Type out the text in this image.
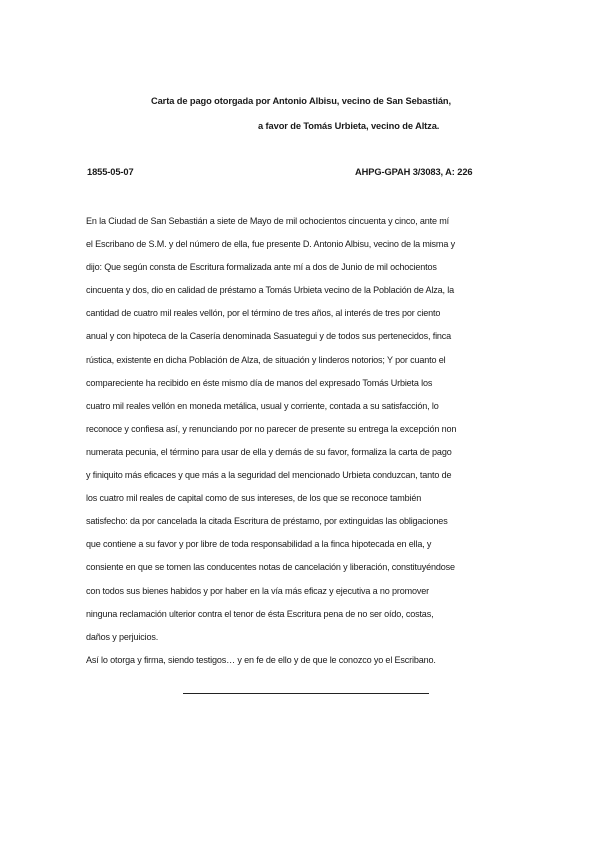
Carta de pago otorgada por Antonio Albisu, vecino de San Sebastián,
a favor de Tomás Urbieta, vecino de Altza.
1855-05-07	AHPG-GPAH 3/3083, A: 226
En la Ciudad de San Sebastián a siete de Mayo de mil ochocientos cincuenta y cinco, ante mí
el Escribano de S.M. y del número de ella, fue presente D. Antonio Albisu, vecino de la misma y
dijo: Que según consta de Escritura formalizada ante mí a dos de Junio de mil ochocientos
cincuenta y dos, dio en calidad de préstamo a Tomás Urbieta vecino de la Población de Alza, la
cantidad de cuatro mil reales vellón, por el término de tres años, al interés de tres por ciento
anual y con hipoteca de la Casería denominada Sasuategui y de todos sus pertenecidos, finca
rústica, existente en dicha Población de Alza, de situación y linderos notorios; Y por cuanto el
compareciente ha recibido en éste mismo día de manos del expresado Tomás Urbieta los
cuatro mil reales vellón en moneda metálica, usual y corriente, contada a su satisfacción, lo
reconoce y confiesa así, y renunciando por no parecer de presente su entrega la excepción non
numerata pecunia, el término para usar de ella y demás de su favor, formaliza la carta de pago
y finiquito más eficaces y que más a la seguridad del mencionado Urbieta conduzcan, tanto de
los cuatro mil reales de capital como de sus intereses, de los que se reconoce también
satisfecho: da por cancelada la citada Escritura de préstamo, por extinguidas las obligaciones
que contiene a su favor y por libre de toda responsabilidad a la finca hipotecada en ella, y
consiente en que se tomen las conducentes notas de cancelación y liberación, constituyéndose
con todos sus bienes habidos y por haber en la vía más eficaz y ejecutiva a no promover
ninguna reclamación ulterior contra el tenor de ésta Escritura pena de no ser oído, costas,
daños y perjuicios.
Así lo otorga y firma, siendo testigos… y en fe de ello y de que le conozco yo el Escribano.
